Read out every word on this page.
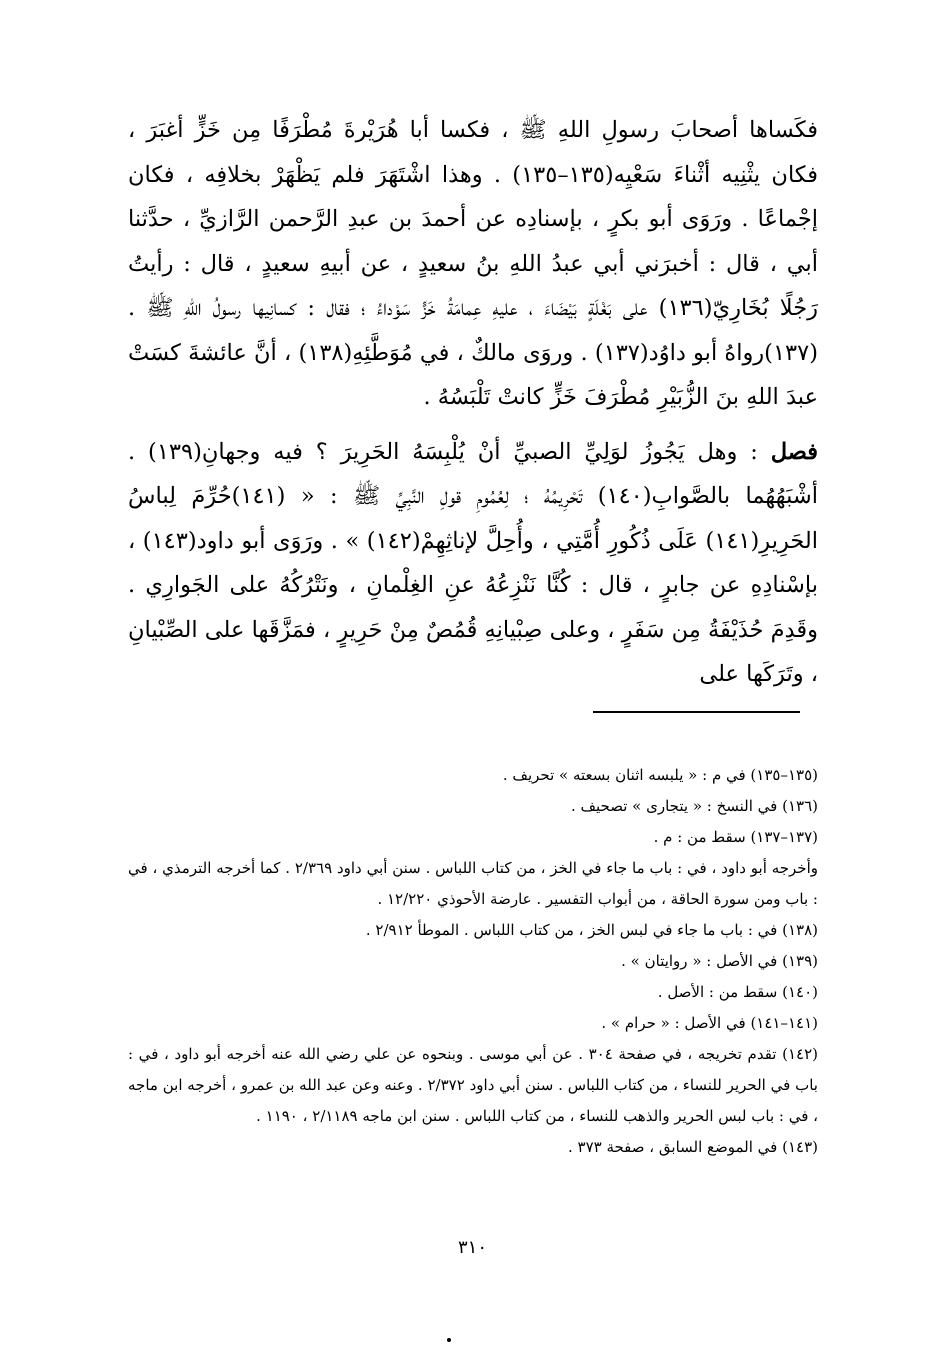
فكَساها أصحابَ رسولِ اللهِ ﷺ ، فكسا أبا هُرَيْرةَ مُطْرَفًا مِن خَزٍّ أغبَرَ ، فكان يثْنِيه أثْناءَ سَعْيِه‏(١٣٥–١٣٥) . وهذا اشْتَهَرَ فلم يَظْهَرْ بخلافِه ، فكان إجْماعًا . ورَوَى أبو بكرٍ ، بإسنادِه عن أحمدَ بن عبدِ الرَّحمن الرَّازيِّ ، حدَّثنا أبي ، قال : أخبرَني أبي عبدُ اللهِ بنُ سعيدٍ ، عن أبيهِ سعيدٍ ، قال : رأيتُ رَجُلًا بُخَارِيّ‏(١٣٦) على بَغْلَةٍ بَيْضَاءَ ، عليهِ عِمامَةُ خَزٍّ سَوْداءُ ؛ فقال : كسانِيها رسولُ اللهِ ﷺ . (١٣٧)رواهُ أبو داوُد(١٣٧) . وروَى مالكٌ ، في مُوَطَّئِهِ(١٣٨) ، أنَّ عائشةَ كسَتْ عبدَ اللهِ بنَ الزُّبَيْرِ مُطْرَفَ خَزٍّ كانتْ تَلْبَسُهُ .

فصل : وهل يَجُوزُ لوَلِيِّ الصبيِّ أنْ يُلْبِسَهُ الحَرِيرَ ؟ فيه وجهانِ(١٣٩) . أشْبَهُهُما بالصَّوابِ(١٤٠) تَحْرِيمُهُ ؛ لِعُمُومِ قولِ النَّبِيِّ ﷺ : « (١٤١)حُرِّمَ لِباسُ الحَرِيرِ(١٤١) عَلَى ذُكُورِ أُمَّتِي ، وأُحِلَّ لإناثِهِمْ(١٤٢) » . ورَوَى أبو داود(١٤٣) ، بإسْنادِهِ عن جابرٍ ، قال : كُنَّا نَنْزِعُهُ عنِ الغِلْمانِ ، ونَتْرُكُهُ على الجَوارِي . وقَدِمَ حُذَيْفَةُ مِن سَفَرٍ ، وعلى صِبْيانِهِ قُمُصٌ مِنْ حَرِيرٍ ، فمَزَّقَها على الصِّبْيانِ ، وتَرَكَها على

(١٣٥–١٣٥) في م : « يلبسه اثنان بسعته » تحريف .

(١٣٦) في النسخ : « يتجارى » تصحيف .

(١٣٧–١٣٧) سقط من : م .

وأخرجه أبو داود ، في : باب ما جاء في الخز ، من كتاب اللباس . سنن أبي داود ٢/٣٦٩ . كما أخرجه الترمذي ، في : باب ومن سورة الحاقة ، من أبواب التفسير . عارضة الأحوذي ١٢/٢٢٠ .

(١٣٨) في : باب ما جاء في لبس الخز ، من كتاب اللباس . الموطأ ٢/٩١٢ .

(١٣٩) في الأصل : « روايتان » .

(١٤٠) سقط من : الأصل .

(١٤١–١٤١) في الأصل : « حرام » .

(١٤٢) تقدم تخريجه ، في صفحة ٣٠٤ . عن أبي موسى . وبنحوه عن علي رضي الله عنه أخرجه أبو داود ، في : باب في الحرير للنساء ، من كتاب اللباس . سنن أبي داود ٢/٣٧٢ . وعنه وعن عبد الله بن عمرو ، أخرجه ابن ماجه ، في : باب لبس الحرير والذهب للنساء ، من كتاب اللباس . سنن ابن ماجه ٢/١١٨٩ ، ١١٩٠ .

(١٤٣) في الموضع السابق ، صفحة ٣٧٣ .

٣١٠
